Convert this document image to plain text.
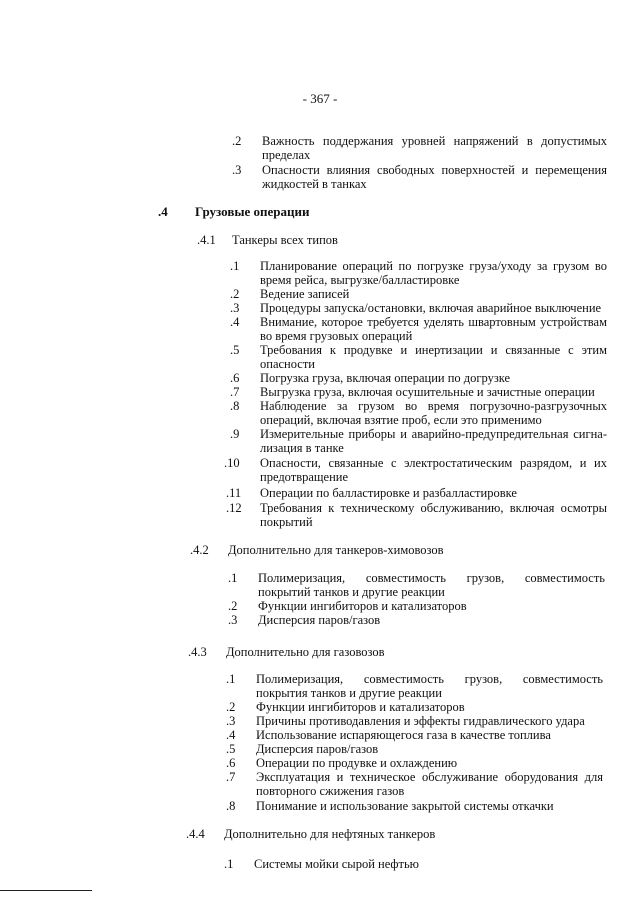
- 367 -
.2 Важность поддержания уровней напряжений в допустимых пределах
.3 Опасности влияния свободных поверхностей и перемещения жидкостей в танках
.4 Грузовые операции
.4.1 Танкеры всех типов
.1 Планирование операций по погрузке груза/уходу за грузом во время рейса, выгрузке/балластировке
.2 Ведение записей
.3 Процедуры запуска/остановки, включая аварийное выключение
.4 Внимание, которое требуется уделять швартовным устройствам во время грузовых операций
.5 Требования к продувке и инертизации и связанные с этим опасности
.6 Погрузка груза, включая операции по догрузке
.7 Выгрузка груза, включая осушительные и зачистные операции
.8 Наблюдение за грузом во время погрузочно-разгрузочных операций, включая взятие проб, если это применимо
.9 Измерительные приборы и аварийно-предупредительная сигна-лизация в танке
.10 Опасности, связанные с электростатическим разрядом, и их предотвращение
.11 Операции по балластировке и разбалластировке
.12 Требования к техническому обслуживанию, включая осмотры покрытий
.4.2 Дополнительно для танкеров-химовозов
.1 Полимеризация, совместимость грузов, совместимость покрытий танков и другие реакции
.2 Функции ингибиторов и катализаторов
.3 Дисперсия паров/газов
.4.3 Дополнительно для газовозов
.1 Полимеризация, совместимость грузов, совместимость покрытия танков и другие реакции
.2 Функции ингибиторов и катализаторов
.3 Причины противодавления и эффекты гидравлического удара
.4 Использование испаряющегося газа в качестве топлива
.5 Дисперсия паров/газов
.6 Операции по продувке и охлаждению
.7 Эксплуатация и техническое обслуживание оборудования для повторного сжижения газов
.8 Понимание и использование закрытой системы откачки
.4.4 Дополнительно для нефтяных танкеров
.1 Системы мойки сырой нефтью
